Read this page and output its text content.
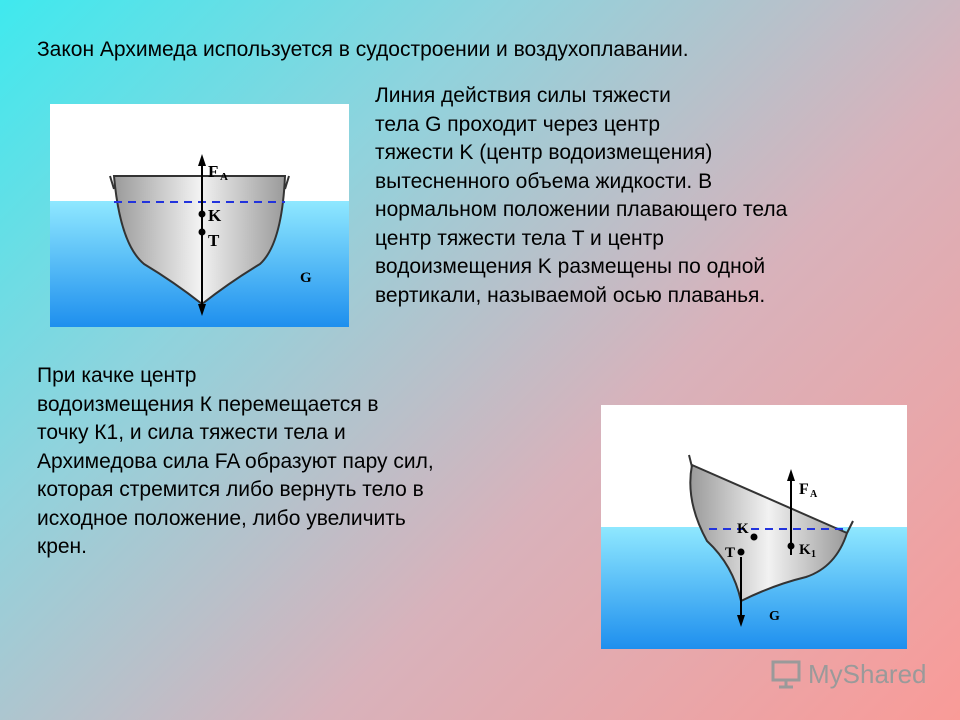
Закон Архимеда используется в судостроении и воздухоплавании.
Линия действия силы тяжести
тела G проходит через центр
тяжести K (центр водоизмещения)
вытесненного объема жидкости. В
нормальном положении плавающего тела
центр тяжести тела T и центр
водоизмещения K размещены по одной
вертикали, называемой осью плаванья.
При качке центр
водоизмещения К перемещается в
точку К1, и сила тяжести тела и
Архимедова сила FA образуют пару сил,
которая стремится либо вернуть тело в
исходное положение, либо увеличить
крен.
F A
K
T
G
F A
K
K 1
T
G
MyShared
